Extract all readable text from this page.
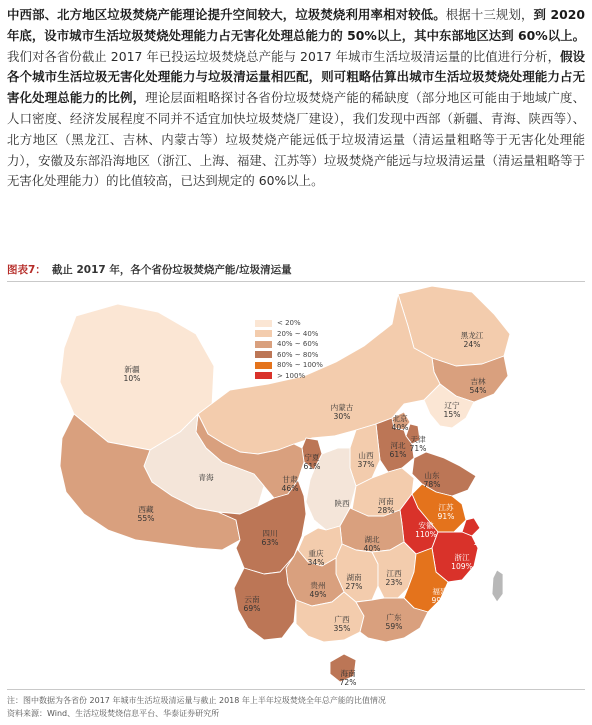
中西部、北方地区垃圾焚烧产能理论提升空间较大，垃圾焚烧利用率相对较低。根据十三规划，到 2020 年底，设市城市生活垃圾焚烧处理能力占无害化处理总能力的 50%以上，其中东部地区达到 60%以上。我们对各省份截止 2017 年已投运垃圾焚烧总产能与 2017 年城市生活垃圾清运量的比值进行分析，假设各个城市生活垃圾无害化处理能力与垃圾清运量相匹配，则可粗略估算出城市生活垃圾焚烧处理能力占无害化处理总能力的比例，理论层面粗略探讨各省份垃圾焚烧产能的稀缺度（部分地区可能由于地域广度、人口密度、经济发展程度不同并不适宜加快垃圾焚烧厂建设），我们发现中西部（新疆、青海、陕西等）、北方地区（黑龙江、吉林、内蒙古等）垃圾焚烧产能远低于垃圾清运量（清运量粗略等于无害化处理能力），安徽及东部沿海地区（浙江、上海、福建、江苏等）垃圾焚烧产能远与垃圾清运量（清运量粗略等于无害化处理能力）的比值较高，已达到规定的 60%以上。
图表7： 截止 2017 年，各个省份垃圾焚烧产能/垃圾清运量
黑龙江
24%
吉林
54%
辽宁
15%
新疆
10%
内蒙古
30%	北京
40%
天津
71%
河北
61%
山西
37%
宁夏
61%
甘肃
46%
青海	山东
78%
西藏
55%
陕西	河南
28%	江苏
91%
四川
63%
安徽
110%	上海
105%
湖北
40%
重庆
34%
浙江
109%
湖南
27%
江西
23%
贵州
49%	福建
99%
云南
69%
广西
35%
广东
59%
海南
72%
< 20%
20% ~ 40%
40% ~ 60%
60% ~ 80%
80% ~ 100%
> 100%
注：图中数据为各省份 2017 年城市生活垃圾清运量与截止 2018 年上半年垃圾焚烧全年总产能的比值情况
资料来源：Wind、生活垃圾焚烧信息平台、华泰证券研究所
